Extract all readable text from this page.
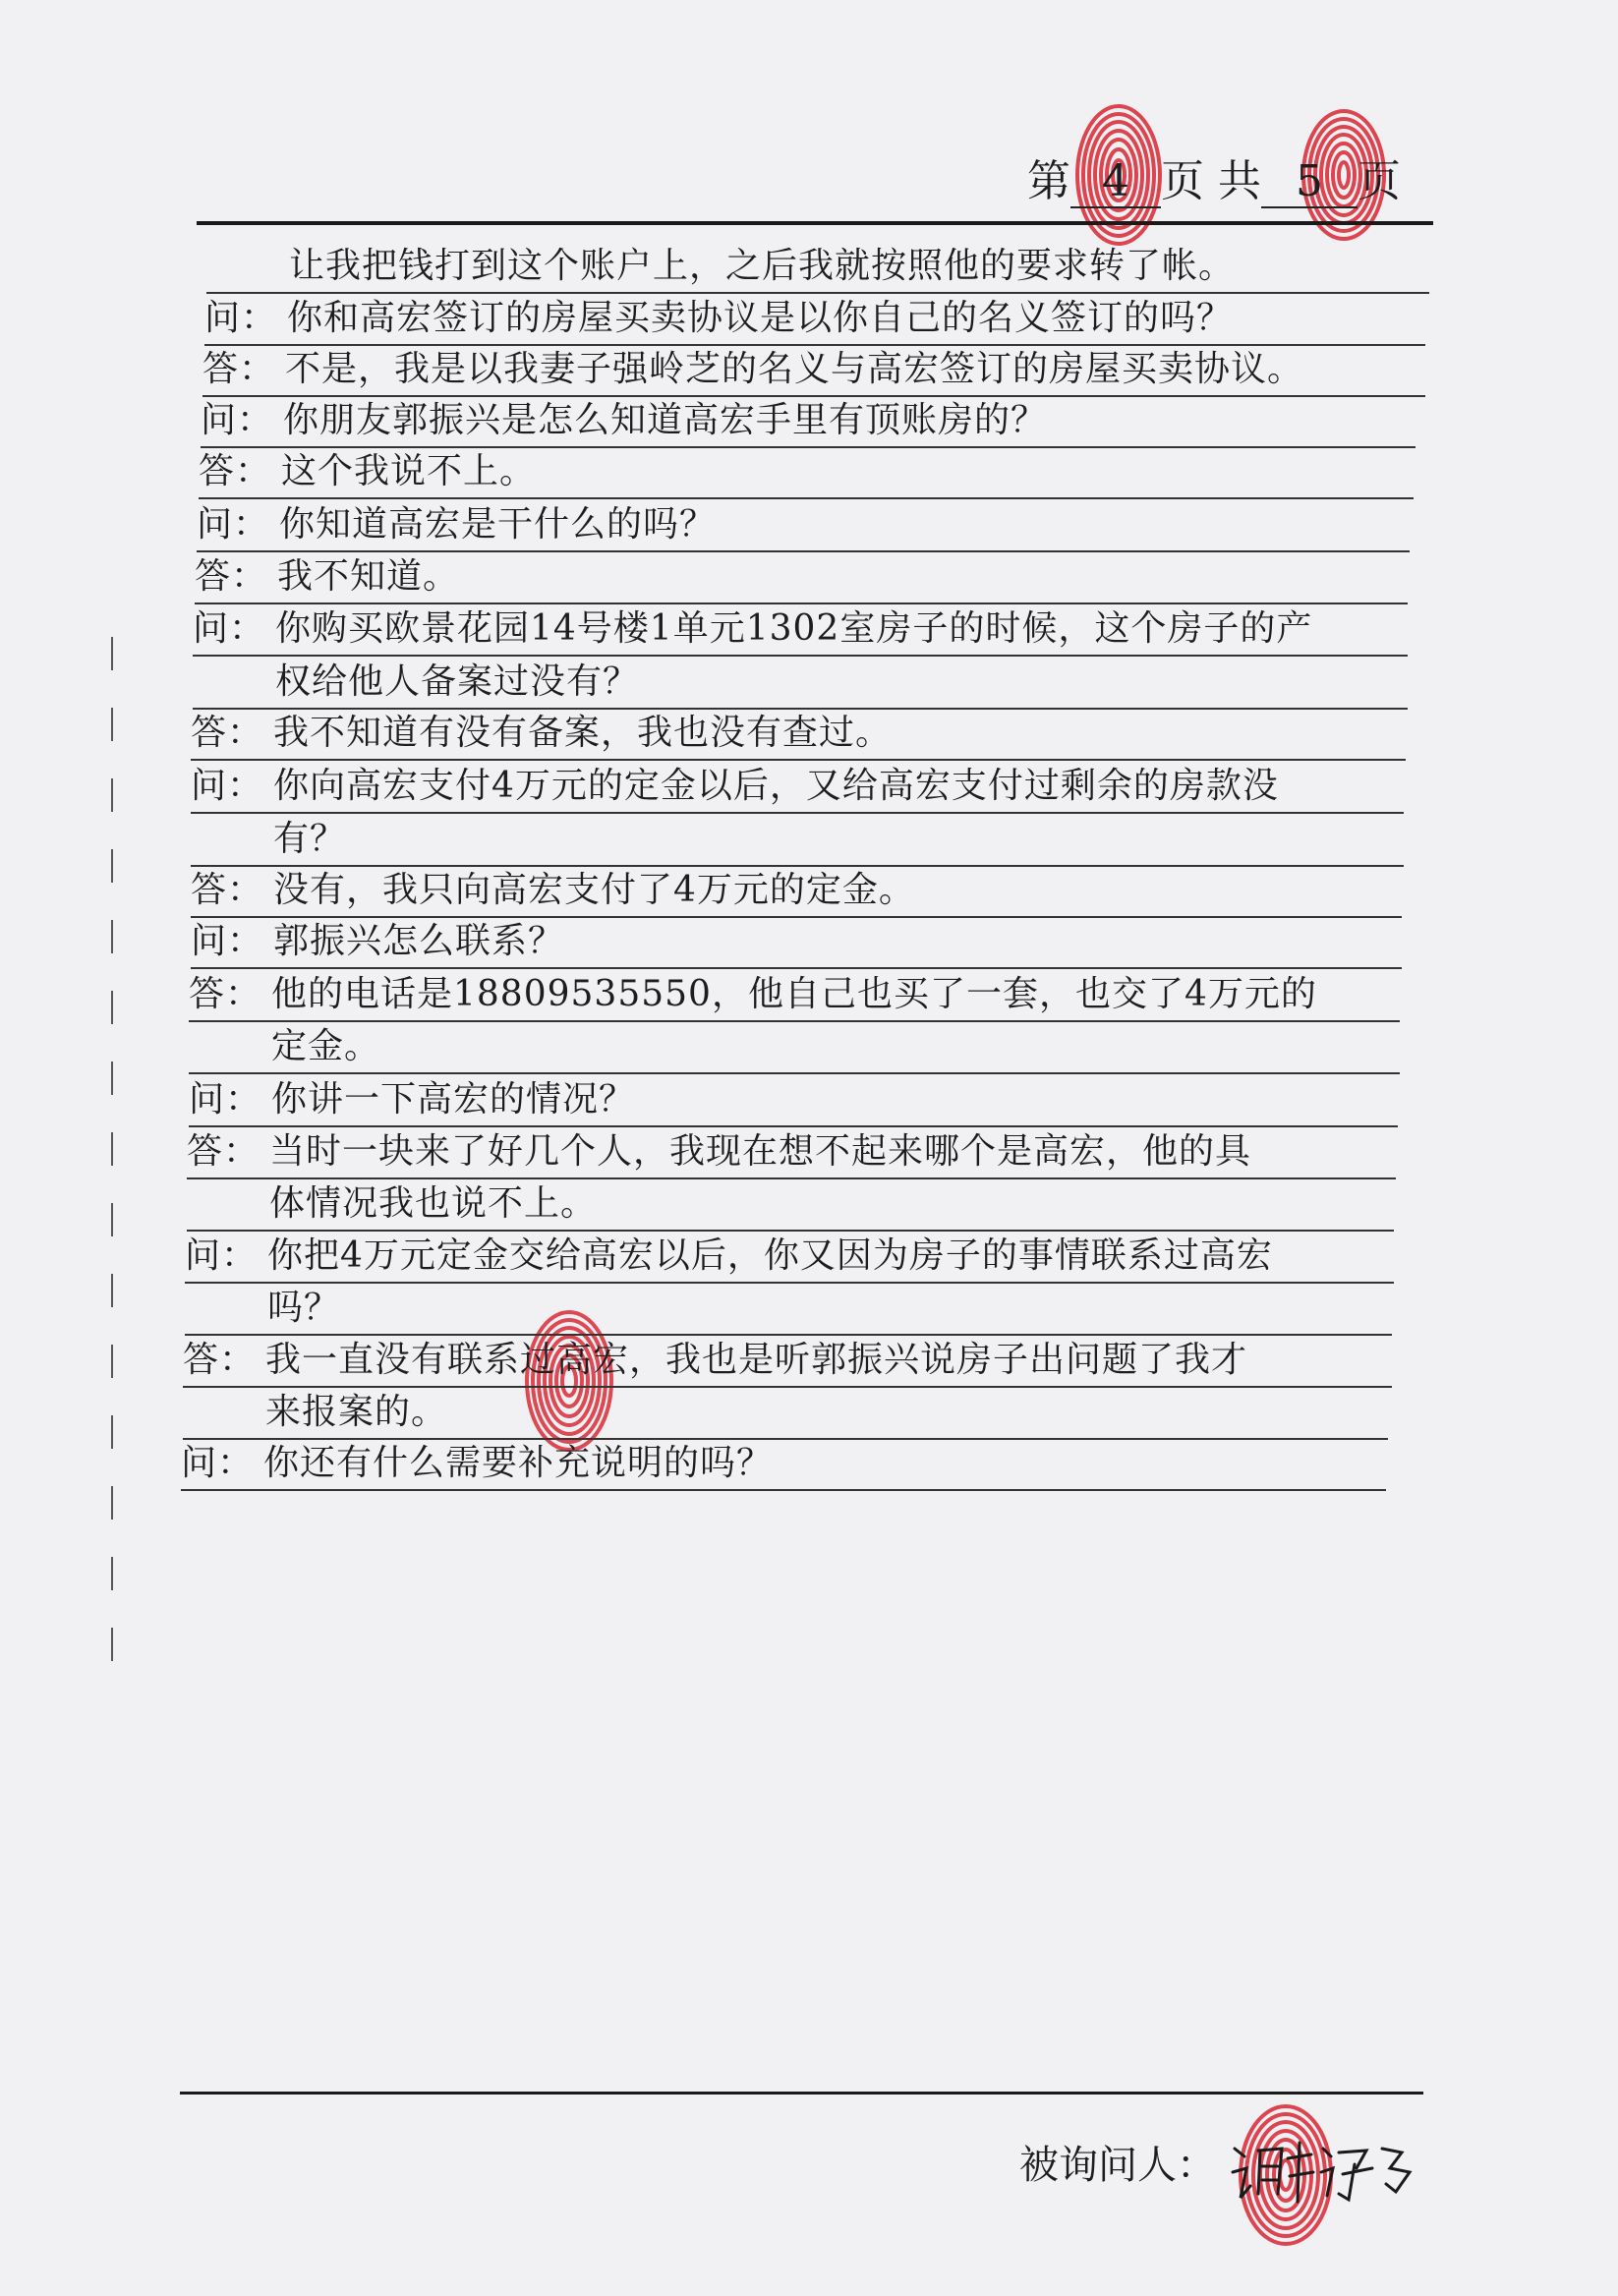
第 4 页 共 5 页
让我把钱打到这个账户上，之后我就按照他的要求转了帐。
问： 你和高宏签订的房屋买卖协议是以你自己的名义签订的吗？
答： 不是，我是以我妻子强岭芝的名义与高宏签订的房屋买卖协议。
问： 你朋友郭振兴是怎么知道高宏手里有顶账房的？
答： 这个我说不上。
问： 你知道高宏是干什么的吗？
答： 我不知道。
问： 你购买欧景花园14号楼1单元1302室房子的时候，这个房子的产
权给他人备案过没有？
答： 我不知道有没有备案，我也没有查过。
问： 你向高宏支付4万元的定金以后，又给高宏支付过剩余的房款没
有？
答： 没有，我只向高宏支付了4万元的定金。
问： 郭振兴怎么联系？
答： 他的电话是18809535550，他自己也买了一套，也交了4万元的
定金。
问： 你讲一下高宏的情况？
答： 当时一块来了好几个人，我现在想不起来哪个是高宏，他的具
体情况我也说不上。
问： 你把4万元定金交给高宏以后，你又因为房子的事情联系过高宏
吗？
答： 我一直没有联系过高宏，我也是听郭振兴说房子出问题了我才
来报案的。
问： 你还有什么需要补充说明的吗？
被询问人：
